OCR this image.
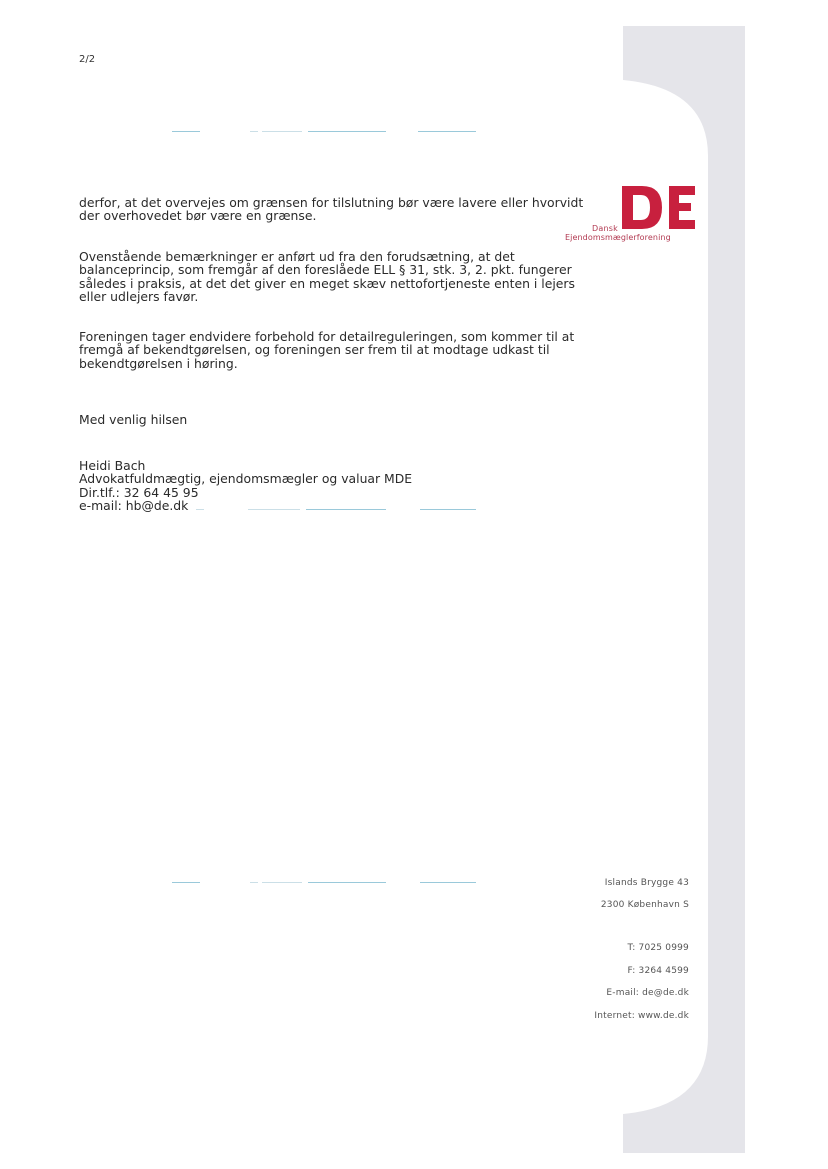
2/2
Dansk
Ejendomsmæglerforening

derfor, at det overvejes om grænsen for tilslutning bør være lavere eller hvorvidt der overhovedet bør være en grænse.

Ovenstående bemærkninger er anført ud fra den forudsætning, at det balanceprincip, som fremgår af den foreslåede ELL § 31, stk. 3, 2. pkt. fungerer således i praksis, at det det giver en meget skæv nettofortjeneste enten i lejers eller udlejers favør.

Foreningen tager endvidere forbehold for detailreguleringen, som kommer til at fremgå af bekendtgørelsen, og foreningen ser frem til at modtage udkast til bekendtgørelsen i høring.

Med venlig hilsen
Heidi Bach
Advokatfuldmægtig, ejendomsmægler og valuar MDE
Dir.tlf.: 32 64 45 95
e-mail: hb@de.dk
Islands Brygge 43
2300 København S
T: 7025 0999
F: 3264 4599
E-mail: de@de.dk
Internet: www.de.dk
